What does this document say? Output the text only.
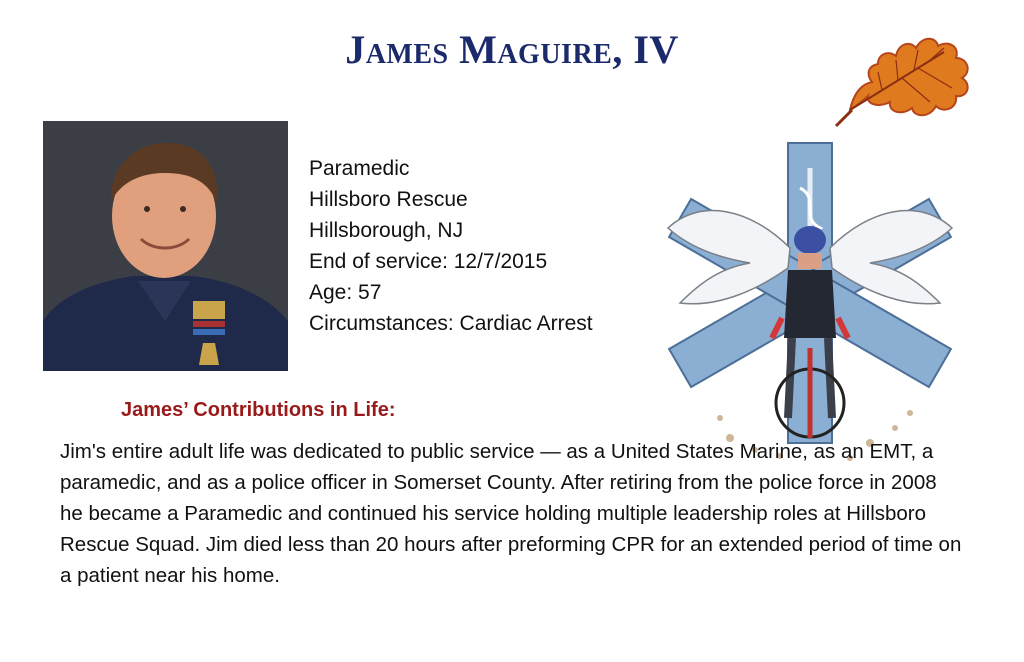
James Maguire, IV
Paramedic
Hillsboro Rescue
Hillsborough, NJ
End of service: 12/7/2015
Age: 57
Circumstances: Cardiac Arrest
James’ Contributions in Life:
Jim's entire adult life was dedicated to public service — as a United States Marine, as an EMT, a paramedic, and as a police officer in Somerset County. After retiring from the police force in 2008 he became a Paramedic and continued his service holding multiple leadership roles at Hillsboro Rescue Squad. Jim died less than 20 hours after preforming CPR for an extended period of time on a patient near his home.
